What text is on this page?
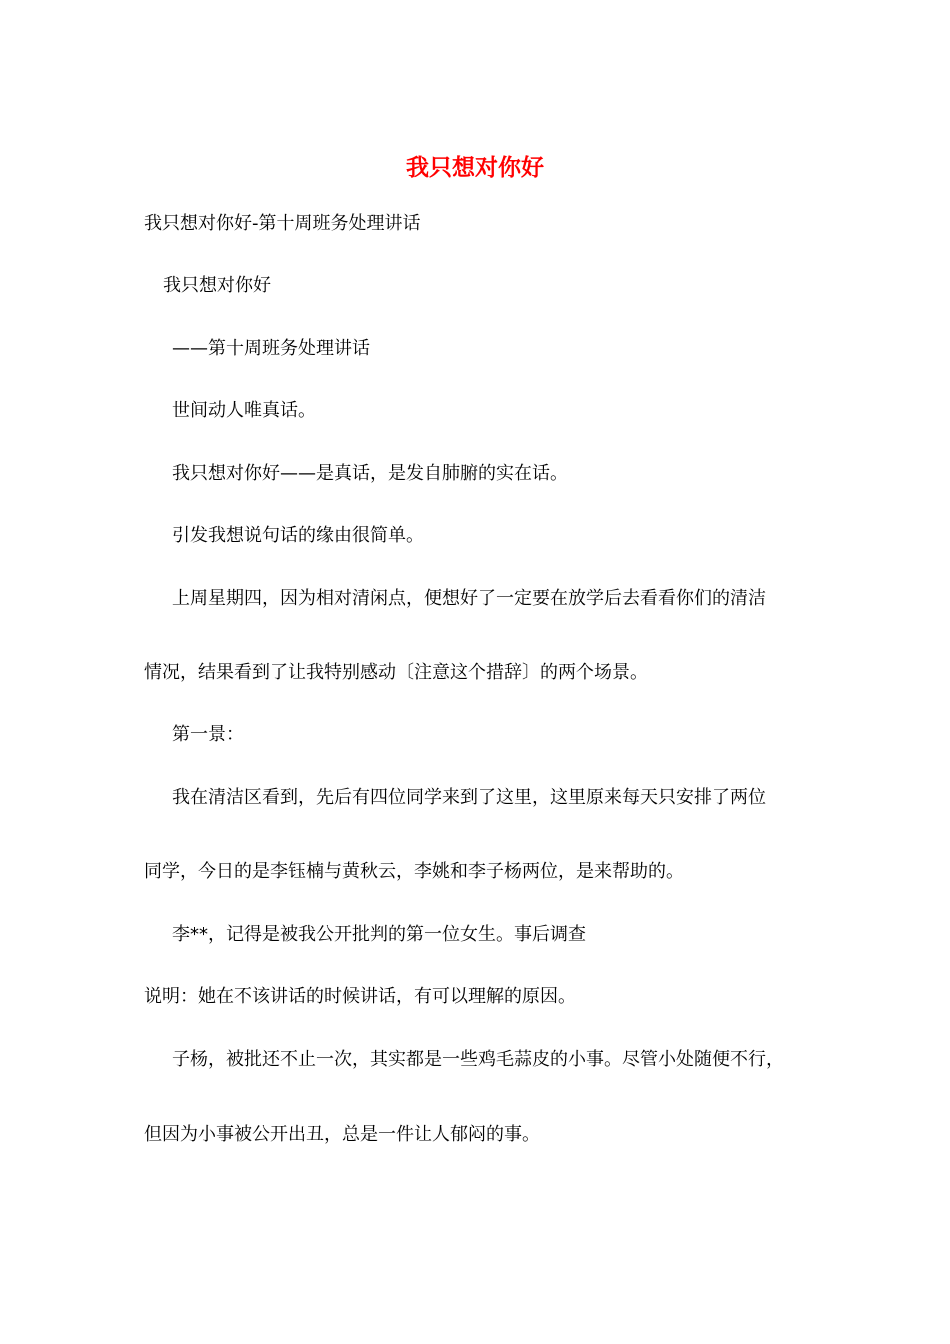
我只想对你好
我只想对你好-第十周班务处理讲话
我只想对你好
——第十周班务处理讲话
世间动人唯真话。
我只想对你好——是真话，是发自肺腑的实在话。
引发我想说句话的缘由很简单。
上周星期四，因为相对清闲点，便想好了一定要在放学后去看看你们的清洁
情况，结果看到了让我特别感动〔注意这个措辞〕的两个场景。
第一景：
我在清洁区看到，先后有四位同学来到了这里，这里原来每天只安排了两位
同学，今日的是李钰楠与黄秋云，李姚和李子杨两位，是来帮助的。
李**，记得是被我公开批判的第一位女生。事后调查
说明：她在不该讲话的时候讲话，有可以理解的原因。
子杨，被批还不止一次，其实都是一些鸡毛蒜皮的小事。尽管小处随便不行，
但因为小事被公开出丑，总是一件让人郁闷的事。
